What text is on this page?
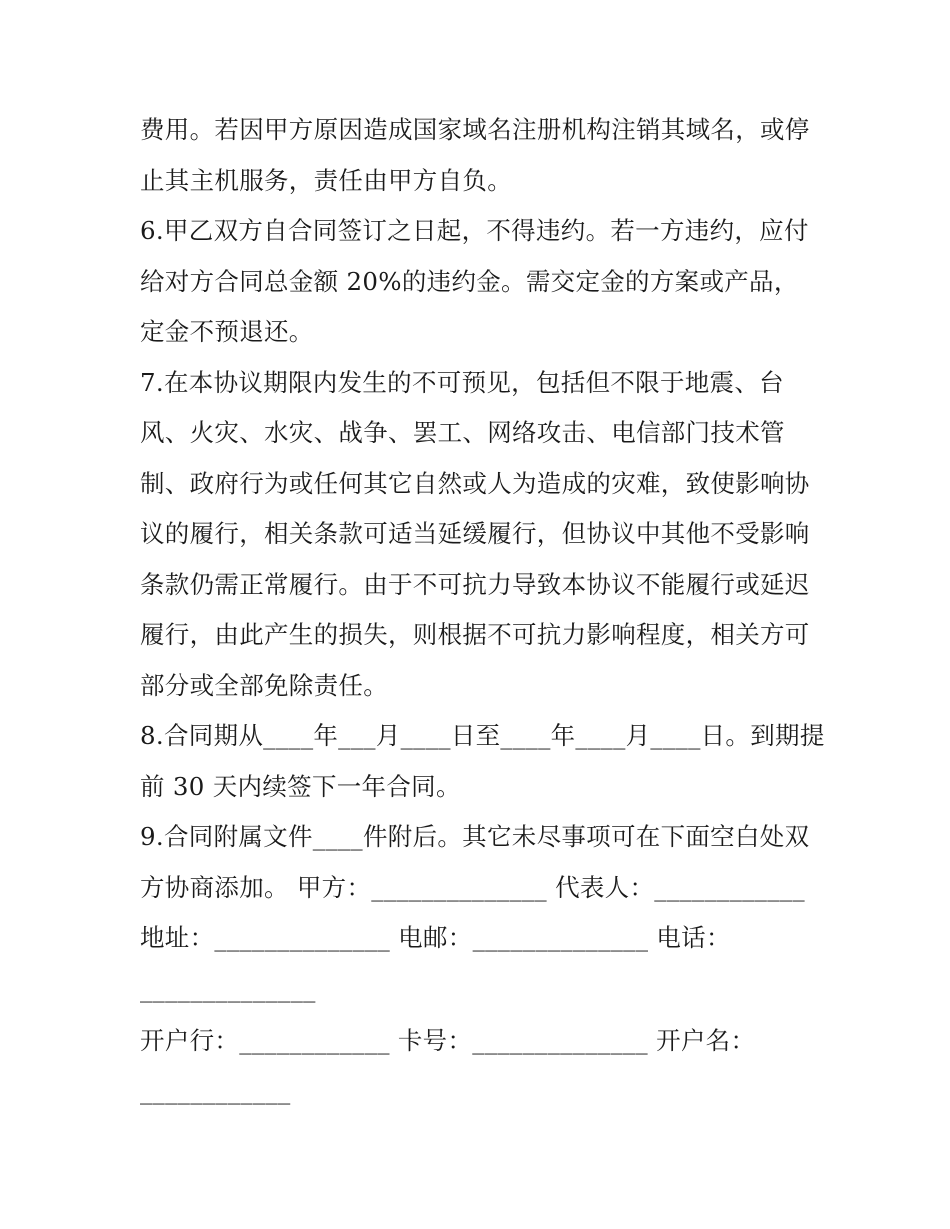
费用。若因甲方原因造成国家域名注册机构注销其域名，或停
止其主机服务，责任由甲方自负。
6.甲乙双方自合同签订之日起，不得违约。若一方违约，应付
给对方合同总金额 20%的违约金。需交定金的方案或产品，
定金不预退还。
7.在本协议期限内发生的不可预见，包括但不限于地震、台
风、火灾、水灾、战争、罢工、网络攻击、电信部门技术管
制、政府行为或任何其它自然或人为造成的灾难，致使影响协
议的履行，相关条款可适当延缓履行，但协议中其他不受影响
条款仍需正常履行。由于不可抗力导致本协议不能履行或延迟
履行，由此产生的损失，则根据不可抗力影响程度，相关方可
部分或全部免除责任。
8.合同期从____年___月____日至____年____月____日。到期提
前 30 天内续签下一年合同。
9.合同附属文件____件附后。其它未尽事项可在下面空白处双
方协商添加。 甲方：______________ 代表人：____________
地址：______________ 电邮：______________ 电话：
______________
开户行：____________ 卡号：______________ 开户名：
____________
